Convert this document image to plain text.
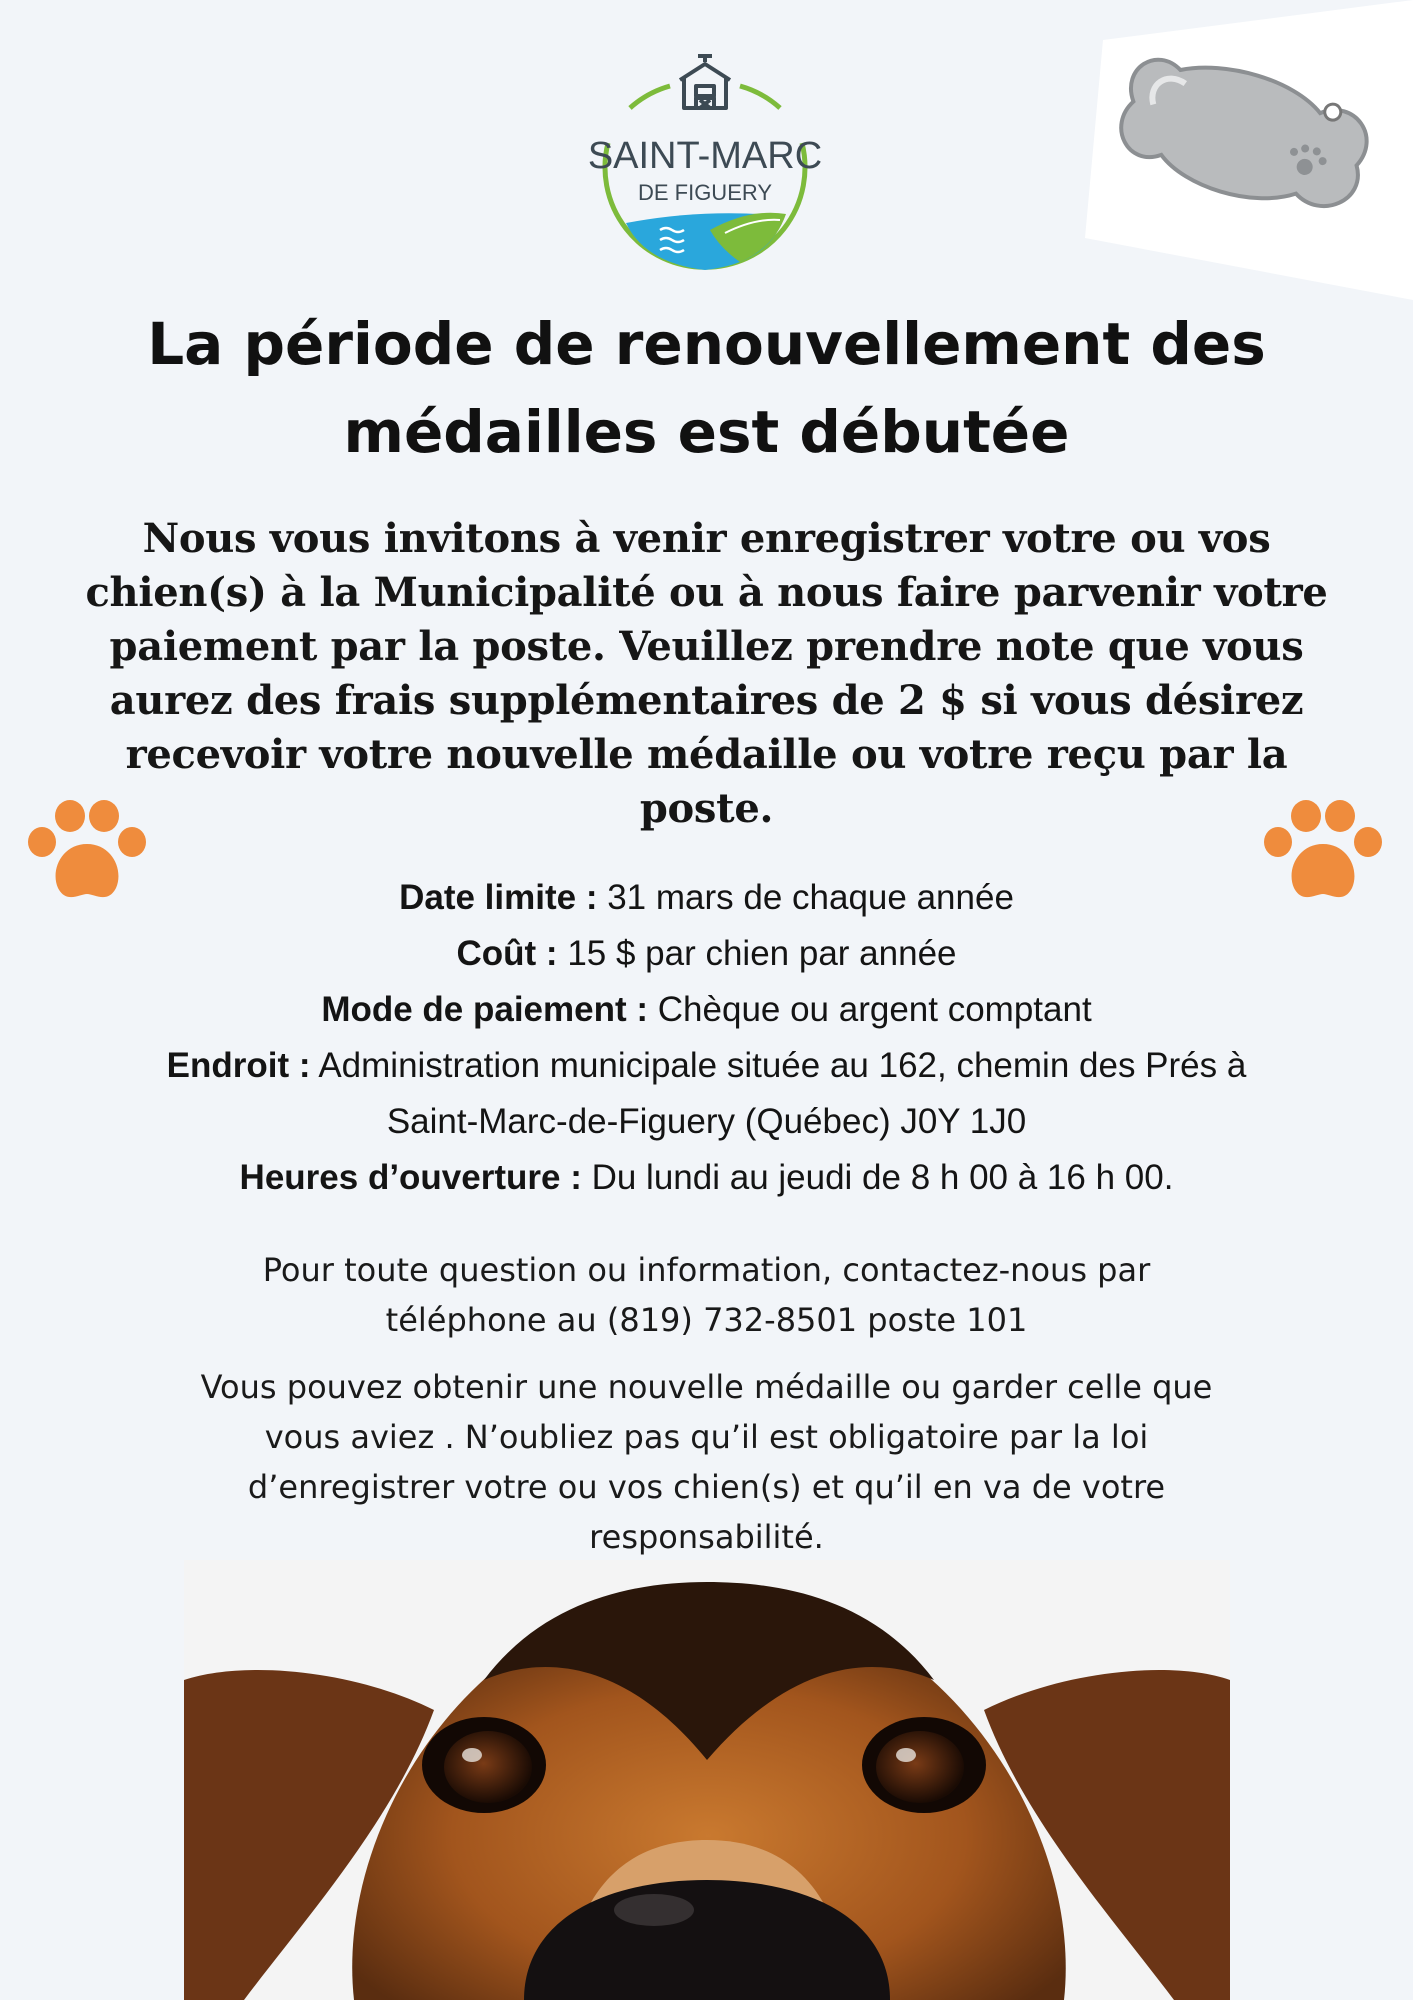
SAINT-MARC
DE FIGUERY
La période de renouvellement des médailles est débutée

Nous vous invitons à venir enregistrer votre ou vos chien(s) à la Municipalité ou à nous faire parvenir votre paiement par la poste. Veuillez prendre note que vous aurez des frais supplémentaires de 2 $ si vous désirez recevoir votre nouvelle médaille ou votre reçu par la poste.

Date limite : 31 mars de chaque année
Coût : 15 $ par chien par année
Mode de paiement : Chèque ou argent comptant
Endroit : Administration municipale située au 162, chemin des Prés à Saint-Marc-de-Figuery (Québec) J0Y 1J0
Heures d’ouverture : Du lundi au jeudi de 8 h 00 à 16 h 00.

Pour toute question ou information, contactez-nous par téléphone au (819) 732-8501 poste 101

Vous pouvez obtenir une nouvelle médaille ou garder celle que vous aviez . N’oubliez pas qu’il est obligatoire par la loi d’enregistrer votre ou vos chien(s) et qu’il en va de votre responsabilité.
